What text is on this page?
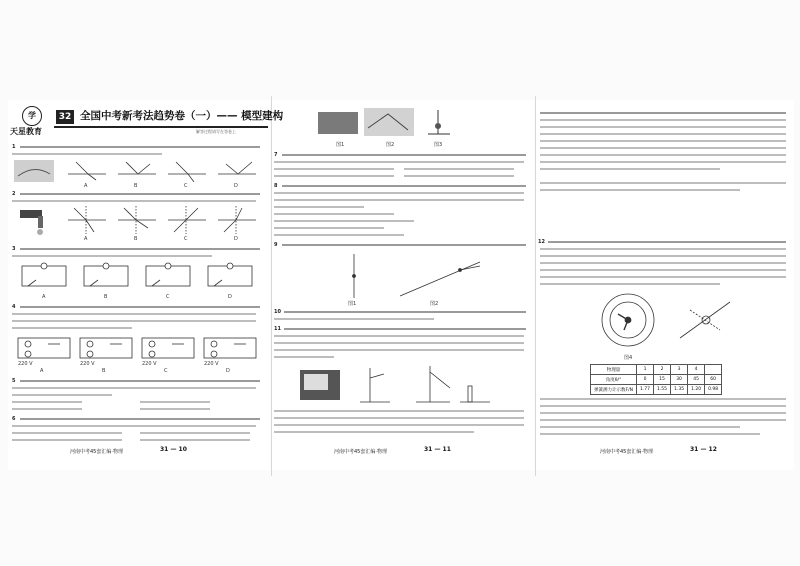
学
天星教育
32 全国中考新考法趋势卷（一）—— 模型建构
解答过程请写在答卷上
1
A	B	C	D
2
A	B	C	D
3
A	B	C	D
4
220 V	220 V	220 V	220 V
A	B	C	D
5
6
河南中考45套汇编·物理	31 — 10
图1	图2	图3
7
8
9
图1	图2
10
11
河南中考45套汇编·物理	31 — 11
12
图4
物理量	1	2	3	4	
角度θ/°	0	15	30	45	60
弹簧测力计示数F/N	1.77	1.55	1.35	1.20	0.98
河南中考45套汇编·物理	31 — 12
